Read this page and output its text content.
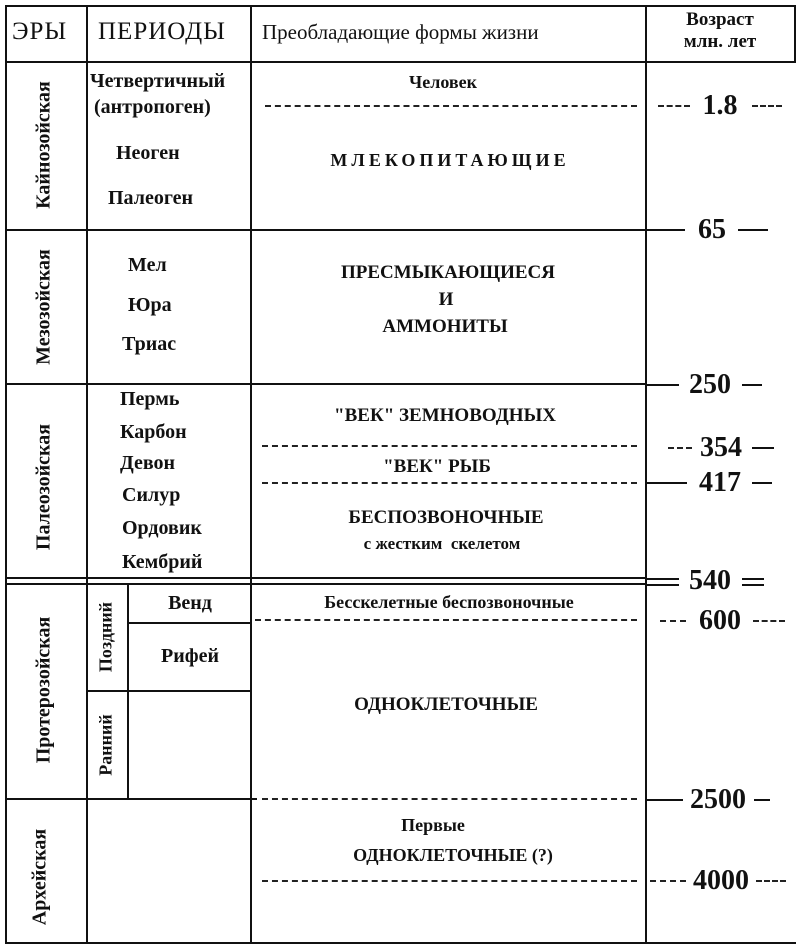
ЭРЫ ПЕРИОДЫ Преобладающие формы жизни
Возраст
млн. лет
Кайнозойская
Мезозойская
Палеозойская
Протерозойская
Архейская
Четвертичный
(антропоген)
Неоген
Палеоген
Мел
Юра
Триас
Пермь
Карбон
Девон
Силур
Ордовик
Кембрий
Поздний
Ранний
Венд
Рифей
Человек
МЛЕКОПИТАЮЩИЕ
ПРЕСМЫКАЮЩИЕСЯ
И
АММОНИТЫ
"ВЕК" ЗЕМНОВОДНЫХ
"ВЕК" РЫБ
БЕСПОЗВОНОЧНЫЕ
с жестким  скелетом
Бесскелетные беспозвоночные
ОДНОКЛЕТОЧНЫЕ
Первые
ОДНОКЛЕТОЧНЫЕ (?)
1.8
65
250
354
417
540
600
2500
4000
